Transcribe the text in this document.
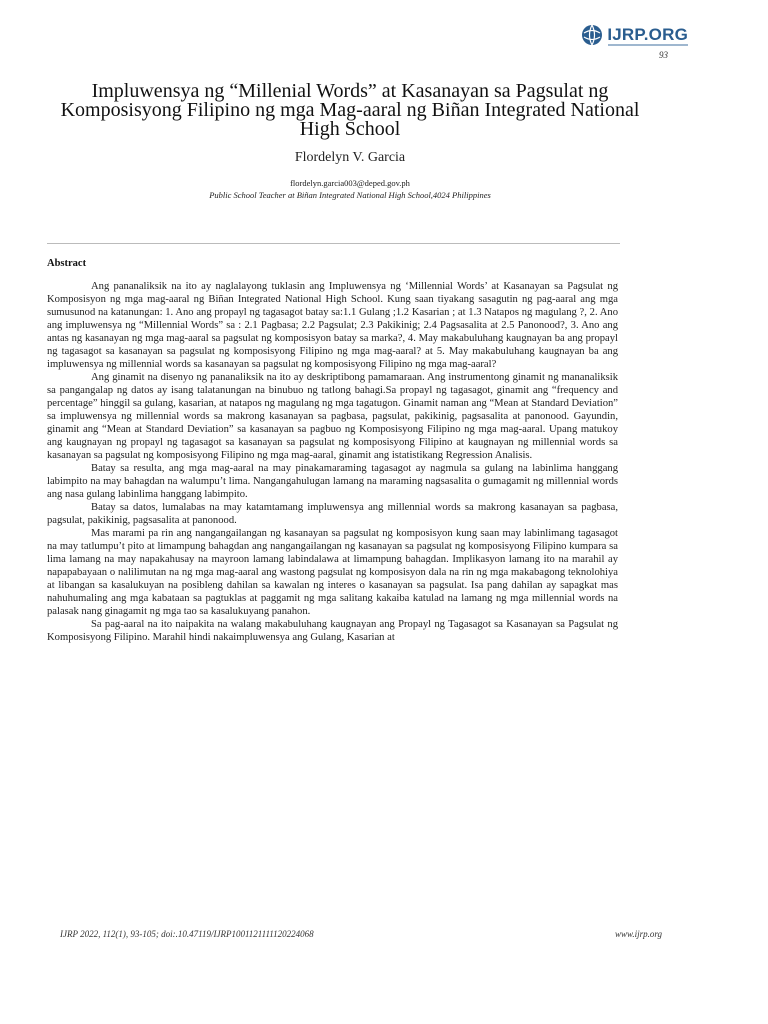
IJRP.ORG
93
Impluwensya ng “Millenial Words” at Kasanayan sa Pagsulat ng Komposisyong Filipino ng mga Mag-aaral ng Biñan Integrated National High School
Flordelyn V. Garcia
flordelyn.garcia003@deped.gov.ph
Public School Teacher at Biñan Integrated National High School,4024 Philippines
Abstract

Ang pananaliksik na ito ay naglalayong tuklasin ang Impluwensya ng ‘Millennial Words’ at Kasanayan sa Pagsulat ng Komposisyon ng mga mag-aaral ng Biñan Integrated National High School. Kung saan tiyakang sasagutin ng pag-aaral ang mga sumusunod na katanungan: 1. Ano ang propayl ng tagasagot batay sa:1.1 Gulang ;1.2 Kasarian ; at 1.3 Natapos ng magulang ?, 2. Ano ang impluwensya ng “Millennial Words” sa : 2.1 Pagbasa; 2.2 Pagsulat; 2.3 Pakikinig; 2.4 Pagsasalita at 2.5 Panonood?, 3. Ano ang antas ng kasanayan ng mga mag-aaral sa pagsulat ng komposisyon batay sa marka?, 4. May makabuluhang kaugnayan ba ang propayl ng tagasagot sa kasanayan sa pagsulat ng komposisyong Filipino ng mga mag-aaral? at 5. May makabuluhang kaugnayan ba ang impluwensya ng millennial words sa kasanayan sa pagsulat ng komposisyong Filipino ng mga mag-aaral?

Ang ginamit na disenyo ng pananaliksik na ito ay deskriptibong pamamaraan. Ang instrumentong ginamit ng mananaliksik sa pangangalap ng datos ay isang talatanungan na binubuo ng tatlong bahagi.Sa propayl ng tagasagot, ginamit ang “frequency and percentage” hinggil sa gulang, kasarian, at natapos ng magulang ng mga tagatugon. Ginamit naman ang “Mean at Standard Deviation” sa impluwensya ng millennial words sa makrong kasanayan sa pagbasa, pagsulat, pakikinig, pagsasalita at panonood. Gayundin, ginamit ang “Mean at Standard Deviation” sa kasanayan sa pagbuo ng Komposisyong Filipino ng mga mag-aaral. Upang matukoy ang kaugnayan ng propayl ng tagasagot sa kasanayan sa pagsulat ng komposisyong Filipino at kaugnayan ng millennial words sa kasanayan sa pagsulat ng komposisyong Filipino ng mga mag-aaral, ginamit ang istatistikang Regression Analisis.

Batay sa resulta, ang mga mag-aaral na may pinakamaraming tagasagot ay nagmula sa gulang na labinlima hanggang labimpito na may bahagdan na walumpu’t lima. Nangangahulugan lamang na maraming nagsasalita o gumagamit ng millennial words ang nasa gulang labinlima hanggang labimpito.

Batay sa datos, lumalabas na may katamtamang impluwensya ang millennial words sa makrong kasanayan sa pagbasa, pagsulat, pakikinig, pagsasalita at panonood.

Mas marami pa rin ang nangangailangan ng kasanayan sa pagsulat ng komposisyon kung saan may labinlimang tagasagot na may tatlumpu’t pito at limampung bahagdan ang nangangailangan ng kasanayan sa pagsulat ng komposisyong Filipino kumpara sa lima lamang na may napakahusay na mayroon lamang labindalawa at limampung bahagdan. Implikasyon lamang ito na marahil ay napapabayaan o nalilimutan na ng mga mag-aaral ang wastong pagsulat ng komposisyon dala na rin ng mga makabagong teknolohiya at libangan sa kasalukuyan na posibleng dahilan sa kawalan ng interes o kasanayan sa pagsulat. Isa pang dahilan ay sapagkat mas nahuhumaling ang mga kabataan sa pagtuklas at paggamit ng mga salitang kakaiba katulad na lamang ng mga millennial words na palasak nang ginagamit ng mga tao sa kasalukuyang panahon.

Sa pag-aaral na ito naipakita na walang makabuluhang kaugnayan ang Propayl ng Tagasagot sa Kasanayan sa Pagsulat ng Komposisyong Filipino. Marahil hindi nakaimpluwensya ang Gulang, Kasarian at

IJRP 2022, 112(1), 93-105; doi:.10.47119/IJRP1001121111120224068	www.ijrp.org
